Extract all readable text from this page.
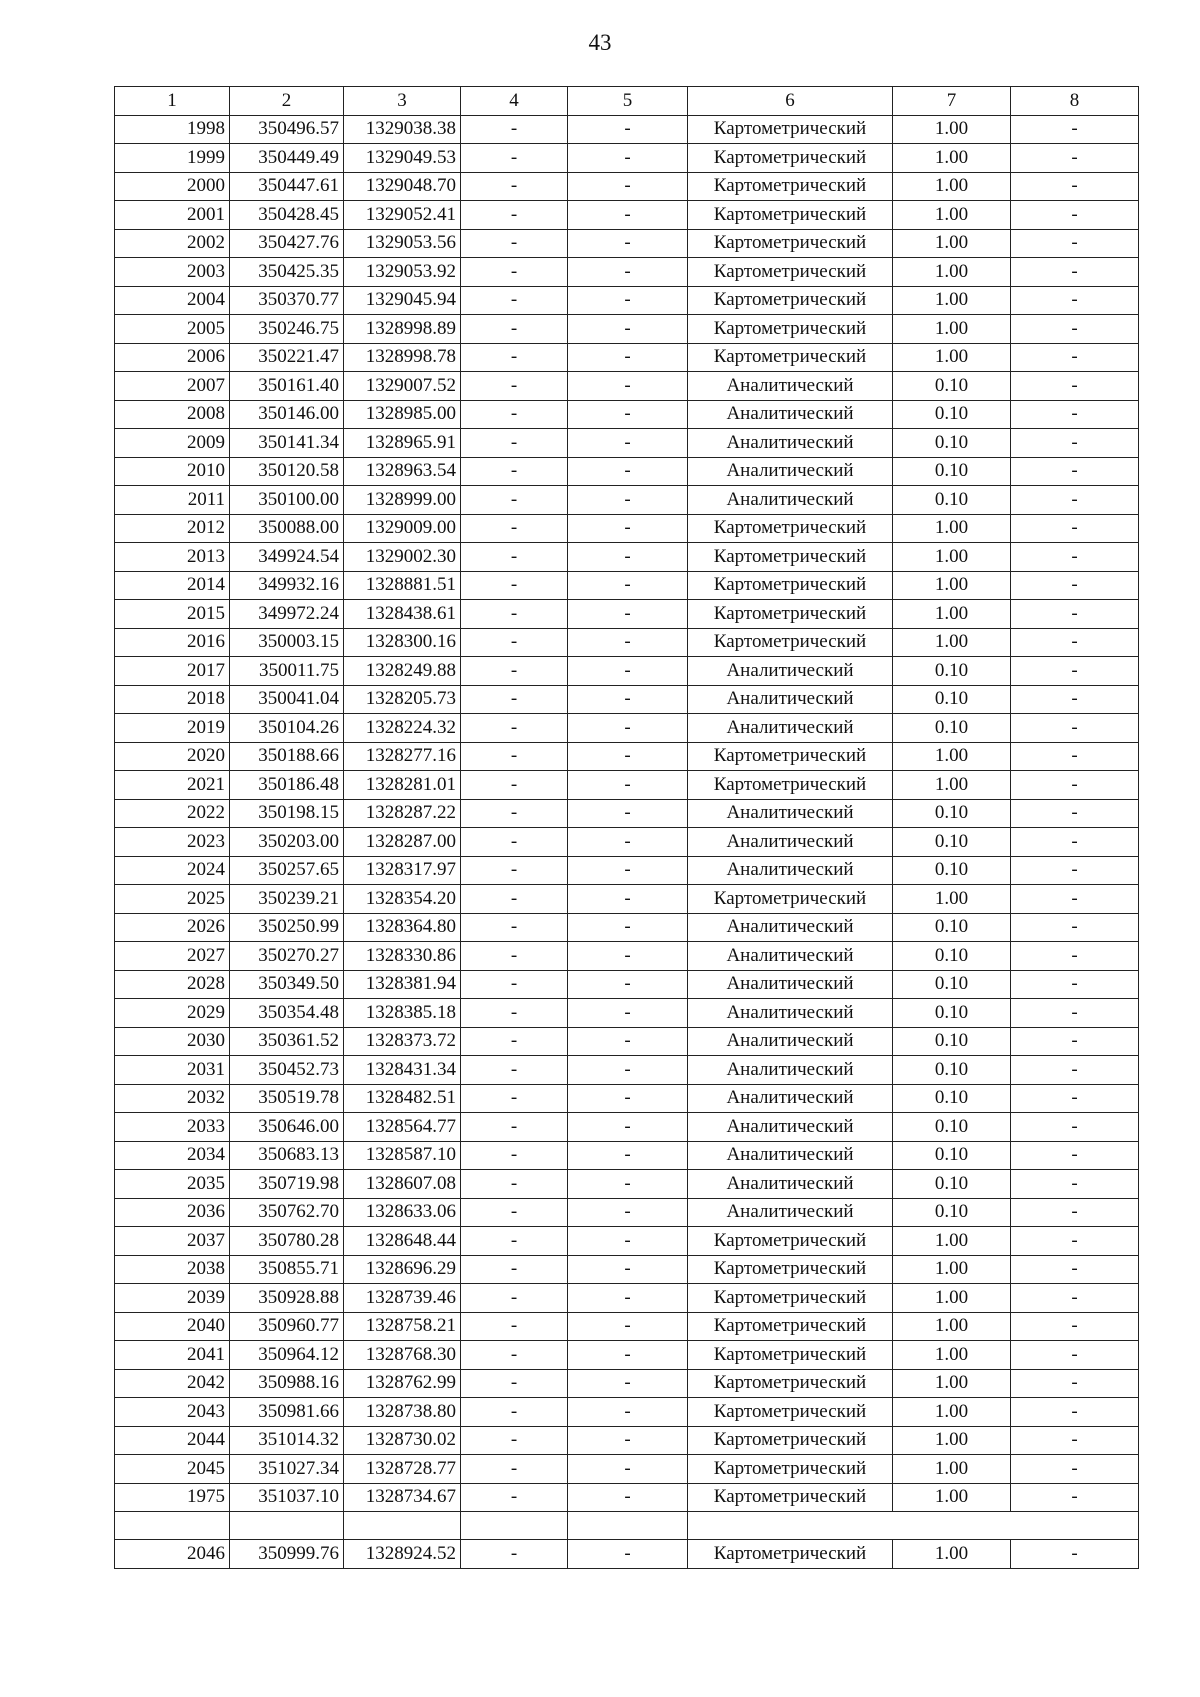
43
1	2	3	4	5	6	7	8
1998	350496.57	1329038.38	-	-	Картометрический	1.00	-
1999	350449.49	1329049.53	-	-	Картометрический	1.00	-
2000	350447.61	1329048.70	-	-	Картометрический	1.00	-
2001	350428.45	1329052.41	-	-	Картометрический	1.00	-
2002	350427.76	1329053.56	-	-	Картометрический	1.00	-
2003	350425.35	1329053.92	-	-	Картометрический	1.00	-
2004	350370.77	1329045.94	-	-	Картометрический	1.00	-
2005	350246.75	1328998.89	-	-	Картометрический	1.00	-
2006	350221.47	1328998.78	-	-	Картометрический	1.00	-
2007	350161.40	1329007.52	-	-	Аналитический	0.10	-
2008	350146.00	1328985.00	-	-	Аналитический	0.10	-
2009	350141.34	1328965.91	-	-	Аналитический	0.10	-
2010	350120.58	1328963.54	-	-	Аналитический	0.10	-
2011	350100.00	1328999.00	-	-	Аналитический	0.10	-
2012	350088.00	1329009.00	-	-	Картометрический	1.00	-
2013	349924.54	1329002.30	-	-	Картометрический	1.00	-
2014	349932.16	1328881.51	-	-	Картометрический	1.00	-
2015	349972.24	1328438.61	-	-	Картометрический	1.00	-
2016	350003.15	1328300.16	-	-	Картометрический	1.00	-
2017	350011.75	1328249.88	-	-	Аналитический	0.10	-
2018	350041.04	1328205.73	-	-	Аналитический	0.10	-
2019	350104.26	1328224.32	-	-	Аналитический	0.10	-
2020	350188.66	1328277.16	-	-	Картометрический	1.00	-
2021	350186.48	1328281.01	-	-	Картометрический	1.00	-
2022	350198.15	1328287.22	-	-	Аналитический	0.10	-
2023	350203.00	1328287.00	-	-	Аналитический	0.10	-
2024	350257.65	1328317.97	-	-	Аналитический	0.10	-
2025	350239.21	1328354.20	-	-	Картометрический	1.00	-
2026	350250.99	1328364.80	-	-	Аналитический	0.10	-
2027	350270.27	1328330.86	-	-	Аналитический	0.10	-
2028	350349.50	1328381.94	-	-	Аналитический	0.10	-
2029	350354.48	1328385.18	-	-	Аналитический	0.10	-
2030	350361.52	1328373.72	-	-	Аналитический	0.10	-
2031	350452.73	1328431.34	-	-	Аналитический	0.10	-
2032	350519.78	1328482.51	-	-	Аналитический	0.10	-
2033	350646.00	1328564.77	-	-	Аналитический	0.10	-
2034	350683.13	1328587.10	-	-	Аналитический	0.10	-
2035	350719.98	1328607.08	-	-	Аналитический	0.10	-
2036	350762.70	1328633.06	-	-	Аналитический	0.10	-
2037	350780.28	1328648.44	-	-	Картометрический	1.00	-
2038	350855.71	1328696.29	-	-	Картометрический	1.00	-
2039	350928.88	1328739.46	-	-	Картометрический	1.00	-
2040	350960.77	1328758.21	-	-	Картометрический	1.00	-
2041	350964.12	1328768.30	-	-	Картометрический	1.00	-
2042	350988.16	1328762.99	-	-	Картометрический	1.00	-
2043	350981.66	1328738.80	-	-	Картометрический	1.00	-
2044	351014.32	1328730.02	-	-	Картометрический	1.00	-
2045	351027.34	1328728.77	-	-	Картометрический	1.00	-
1975	351037.10	1328734.67	-	-	Картометрический	1.00	-

2046	350999.76	1328924.52	-	-	Картометрический	1.00	-
